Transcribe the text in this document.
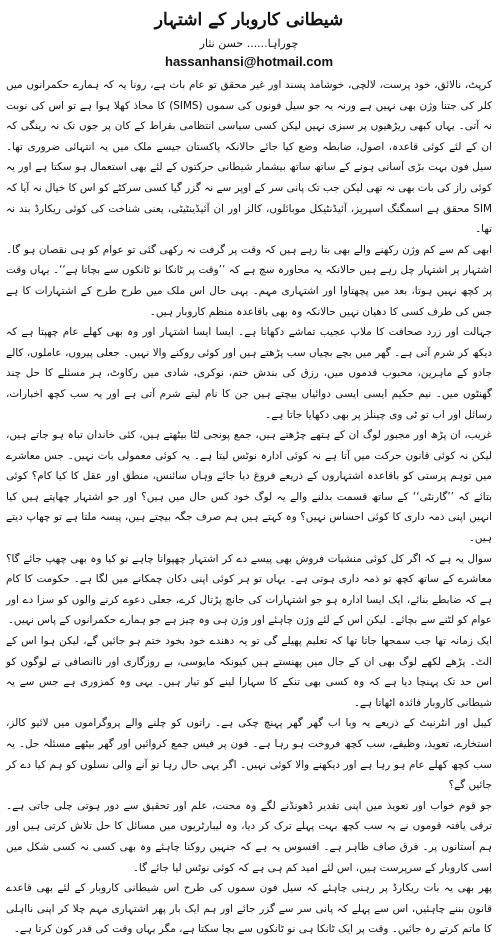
شیطانی کاروبار کے اشتہار
چوراہا...... حسن نثار
hassanhansi@hotmail.com

کرپٹ، نالائق، خود پرست، لالچی، خوشامد پسند اور غیر محقق تو عام بات ہے، رونا یہ کہ ہمارے حکمرانوں میں کلر کی جتنا وژن بھی نہیں ہے ورنہ یہ جو سیل فونوں کی سموں (SIMS) کا محاذ کھلا ہوا ہے تو اس کی نوبت نہ آتی۔ یہاں کبھی ریڑھیوں پر سبزی نہیں لیکن کسی سیاسی انتظامی بقراط کے کان پر جوں تک نہ رینگی کہ ان کے لئے کوئی قاعدہ، اصول، ضابطہ وضع کیا جائے حالانکہ پاکستان جیسے ملک میں یہ انتہائی ضروری تھا۔ سیل فون بہت بڑی آسانی ہونے کے ساتھ ساتھ بیشمار شیطانی حرکتوں کے لئے بھی استعمال ہو سکتا ہے اور یہ کوئی راز کی بات بھی نہ تھی لیکن جب تک پانی سر کے اوپر سے نہ گزر گیا کسی سرکٹے کو اس کا خیال نہ آیا کہ SIM محقق ہے اسمگنگ اسپریز، آئیڈنٹیکل موبائلوں، کالز اور ان آئیڈینٹیٹی، یعنی شناخت کی کوئی ریکارڈ بند نہ تھا۔

ابھی کم سے کم وژن رکھنے والے بھی بتا رہے ہیں کہ وقت پر گرفت نہ رکھی گئی تو عوام کو ہی نقصان ہو گا۔ اشتہار پر اشتہار چل رہے ہیں حالانکہ یہ محاورہ سچ ہے کہ ’’وقت پر ٹانکا نو ٹانکوں سے بچاتا ہے‘‘۔ یہاں وقت پر کچھ نہیں ہوتا، بعد میں پچھتاوا اور اشتہاری مہم۔ یہی حال اس ملک میں طرح طرح کے اشتہارات کا ہے جس کی طرف کسی کا دھیان نہیں حالانکہ وہ بھی باقاعدہ منظم کاروبار ہیں۔

جہالت اور زرد صحافت کا ملاپ عجیب تماشے دکھاتا ہے۔ ایسا ایسا اشتہار اور وہ بھی کھلے عام چھپتا ہے کہ دیکھ کر شرم آتی ہے۔ گھر میں بچے بچیاں سب پڑھتے ہیں اور کوئی روکنے والا نہیں۔ جعلی پیروں، عاملوں، کالے جادو کے ماہرین، محبوب قدموں میں، رزق کی بندش ختم، نوکری، شادی میں رکاوٹ، ہر مسئلے کا حل چند گھنٹوں میں۔ نیم حکیم ایسی ایسی دوائیاں بیچتے ہیں جن کا نام لیتے شرم آتی ہے اور یہ سب کچھ اخبارات، رسائل اور اب تو ٹی وی چینلز پر بھی دکھایا جاتا ہے۔

غریب، ان پڑھ اور مجبور لوگ ان کے ہتھے چڑھتے ہیں، جمع پونجی لٹا بیٹھتے ہیں، کئی خاندان تباہ ہو جاتے ہیں، لیکن نہ کوئی قانون حرکت میں آتا ہے نہ کوئی ادارہ نوٹس لیتا ہے۔ یہ کوئی معمولی بات نہیں۔ جس معاشرے میں توہم پرستی کو باقاعدہ اشتہاروں کے ذریعے فروغ دیا جائے وہاں سائنس، منطق اور عقل کا کیا کام؟ کوئی بتائے کہ ’’گارنٹی‘‘ کے ساتھ قسمت بدلنے والے یہ لوگ خود کس حال میں ہیں؟ اور جو اشتہار چھاپتے ہیں کیا انہیں اپنی ذمہ داری کا کوئی احساس نہیں؟ وہ کہتے ہیں ہم صرف جگہ بیچتے ہیں، پیسہ ملتا ہے تو چھاپ دیتے ہیں۔

سوال یہ ہے کہ اگر کل کوئی منشیات فروش بھی پیسے دے کر اشتہار چھپوانا چاہے تو کیا وہ بھی چھپ جائے گا؟ معاشرے کے ساتھ کچھ تو ذمہ داری ہوتی ہے۔ یہاں تو ہر کوئی اپنی دکان چمکانے میں لگا ہے۔ حکومت کا کام ہے کہ ضابطے بنائے، ایک ایسا ادارہ ہو جو اشتہارات کی جانچ پڑتال کرے، جعلی دعوے کرنے والوں کو سزا دے اور عوام کو لٹنے سے بچائے۔ لیکن اس کے لئے وژن چاہئے اور وژن ہی وہ چیز ہے جو ہمارے حکمرانوں کے پاس نہیں۔

ایک زمانہ تھا جب سمجھا جاتا تھا کہ تعلیم پھیلے گی تو یہ دھندے خود بخود ختم ہو جائیں گے، لیکن ہوا اس کے الٹ۔ پڑھے لکھے لوگ بھی ان کے جال میں پھنستے ہیں کیونکہ مایوسی، بے روزگاری اور ناانصافی نے لوگوں کو اس حد تک پہنچا دیا ہے کہ وہ کسی بھی تنکے کا سہارا لینے کو تیار ہیں۔ یہی وہ کمزوری ہے جس سے یہ شیطانی کاروبار فائدہ اٹھاتا ہے۔

کیبل اور انٹرنیٹ کے ذریعے یہ وبا اب گھر گھر پہنچ چکی ہے۔ راتوں کو چلنے والے پروگراموں میں لائیو کالز، استخارے، تعویذ، وظیفے، سب کچھ فروخت ہو رہا ہے۔ فون پر فیس جمع کروائیں اور گھر بیٹھے مسئلہ حل۔ یہ سب کچھ کھلے عام ہو رہا ہے اور دیکھنے والا کوئی نہیں۔ اگر یہی حال رہا تو آنے والی نسلوں کو ہم کیا دے کر جائیں گے؟

جو قوم خواب اور تعویذ میں اپنی تقدیر ڈھونڈنے لگے وہ محنت، علم اور تحقیق سے دور ہوتی چلی جاتی ہے۔ ترقی یافتہ قوموں نے یہ سب کچھ بہت پہلے ترک کر دیا، وہ لیبارٹریوں میں مسائل کا حل تلاش کرتی ہیں اور ہم آستانوں پر۔ فرق صاف ظاہر ہے۔ افسوس یہ ہے کہ جنہیں روکنا چاہئے وہ بھی کسی نہ کسی شکل میں اسی کاروبار کے سرپرست ہیں، اس لئے امید کم ہی ہے کہ کوئی نوٹس لیا جائے گا۔

پھر بھی یہ بات ریکارڈ پر رہنی چاہئے کہ سیل فون سموں کی طرح اس شیطانی کاروبار کے لئے بھی قاعدے قانون بننے چاہئیں، اس سے پہلے کہ پانی سر سے گزر جائے اور ہم ایک بار پھر اشتہاری مہم چلا کر اپنی نااہلی کا ماتم کرتے رہ جائیں۔ وقت پر ایک ٹانکا ہی نو ٹانکوں سے بچا سکتا ہے، مگر یہاں وقت کی قدر کون کرتا ہے۔
